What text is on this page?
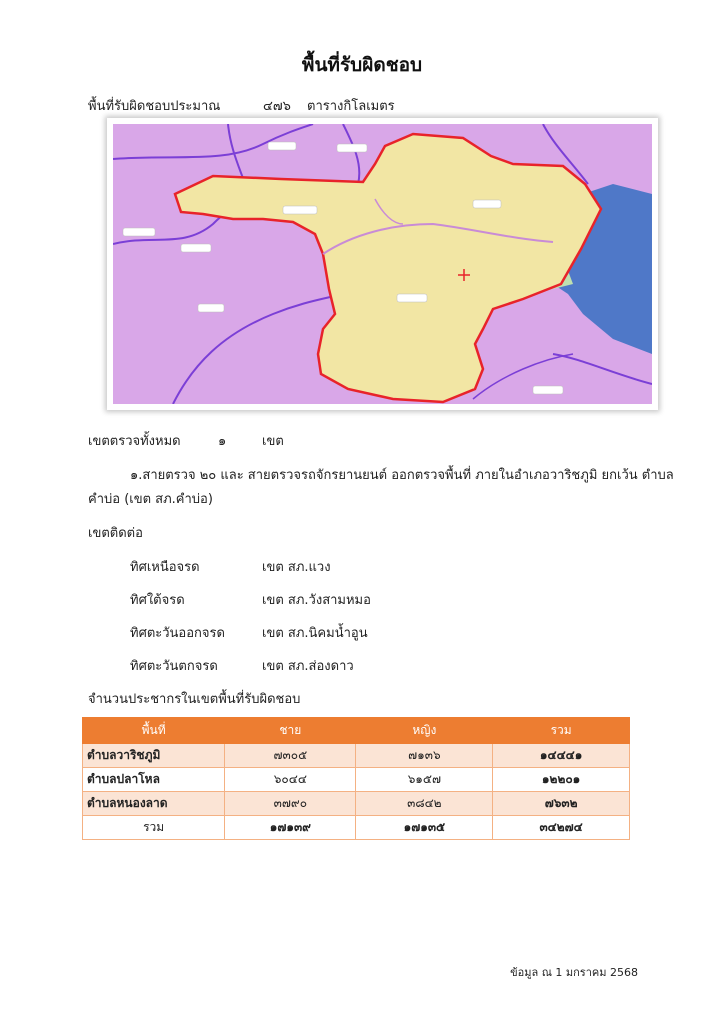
พื้นที่รับผิดชอบ
พื้นที่รับผิดชอบประมาณ	๔๗๖ ตารางกิโลเมตร
เขตตรวจทั้งหมด	๑	เขต
๑.สายตรวจ ๒๐ และ สายตรวจรถจักรยานยนต์ ออกตรวจพื้นที่ ภายในอำเภอวาริชภูมิ ยกเว้น ตำบล
คำบ่อ (เขต สภ.คำบ่อ)
เขตติดต่อ
ทิศเหนือจรด	เขต สภ.แวง
ทิศใต้จรด	เขต สภ.วังสามหมอ
ทิศตะวันออกจรด	เขต สภ.นิคมน้ำอูน
ทิศตะวันตกจรด	เขต สภ.ส่องดาว
จำนวนประชากรในเขตพื้นที่รับผิดชอบ
พื้นที่	ชาย	หญิง	รวม
ตำบลวาริชภูมิ	๗๓๐๕	๗๑๓๖	๑๔๔๔๑
ตำบลปลาโหล	๖๐๔๔	๖๑๕๗	๑๒๒๐๑
ตำบลหนองลาด	๓๗๙๐	๓๘๔๒	๗๖๓๒
รวม	๑๗๑๓๙	๑๗๑๓๕	๓๔๒๗๔
ข้อมูล ณ 1 มกราคม 2568
